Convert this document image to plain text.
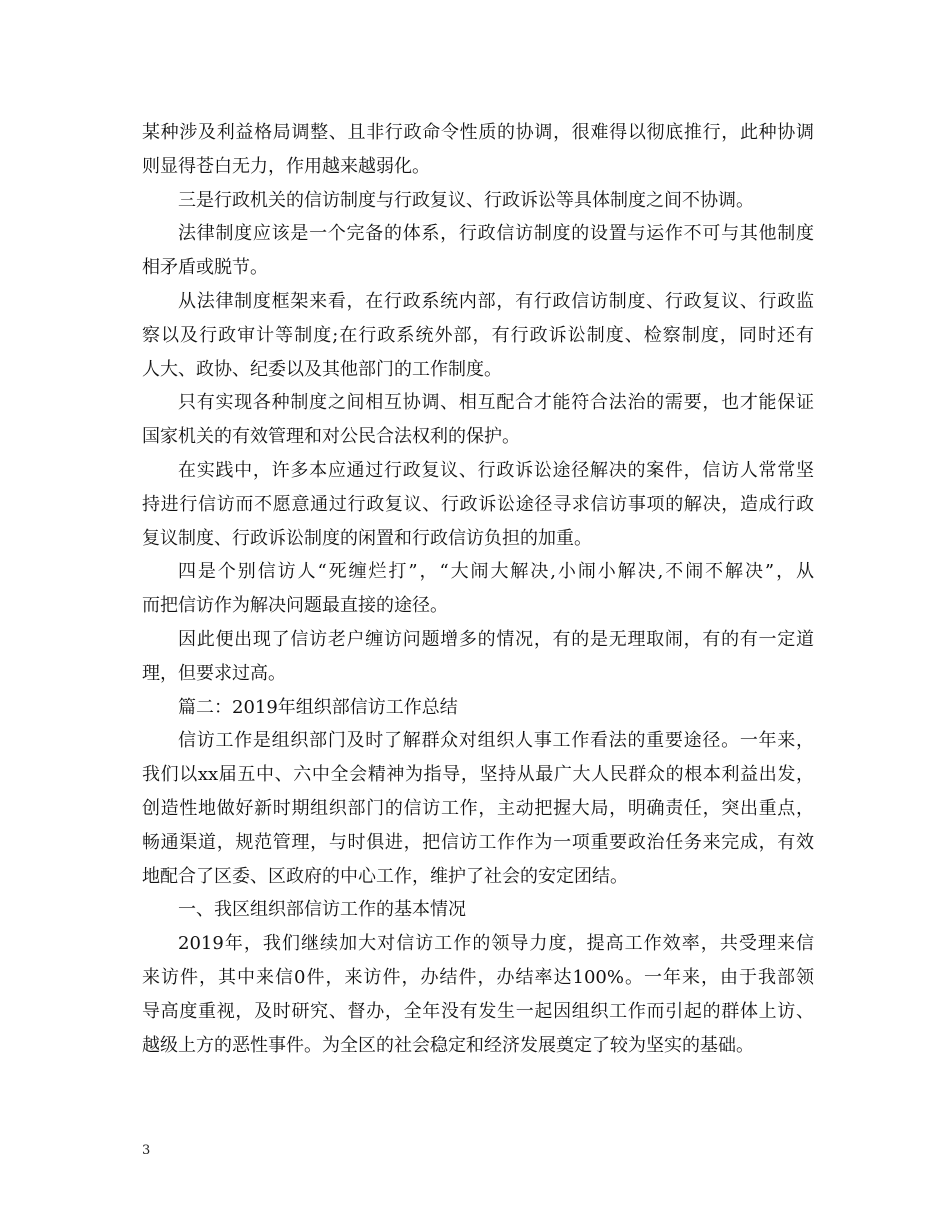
某种涉及利益格局调整、且非行政命令性质的协调，很难得以彻底推行，此种协调
则显得苍白无力，作用越来越弱化。
三是行政机关的信访制度与行政复议、行政诉讼等具体制度之间不协调。
法律制度应该是一个完备的体系，行政信访制度的设置与运作不可与其他制度
相矛盾或脱节。
从法律制度框架来看，在行政系统内部，有行政信访制度、行政复议、行政监
察以及行政审计等制度;在行政系统外部，有行政诉讼制度、检察制度，同时还有
人大、政协、纪委以及其他部门的工作制度。
只有实现各种制度之间相互协调、相互配合才能符合法治的需要，也才能保证
国家机关的有效管理和对公民合法权利的保护。
在实践中，许多本应通过行政复议、行政诉讼途径解决的案件，信访人常常坚
持进行信访而不愿意通过行政复议、行政诉讼途径寻求信访事项的解决，造成行政
复议制度、行政诉讼制度的闲置和行政信访负担的加重。
四是个别信访人“死缠烂打”，“大闹大解决,小闹小解决,不闹不解决”，从
而把信访作为解决问题最直接的途径。
因此便出现了信访老户缠访问题增多的情况，有的是无理取闹，有的有一定道
理，但要求过高。
篇二：2019年组织部信访工作总结
信访工作是组织部门及时了解群众对组织人事工作看法的重要途径。一年来，
我们以xx届五中、六中全会精神为指导，坚持从最广大人民群众的根本利益出发，
创造性地做好新时期组织部门的信访工作，主动把握大局，明确责任，突出重点，
畅通渠道，规范管理，与时俱进，把信访工作作为一项重要政治任务来完成，有效
地配合了区委、区政府的中心工作，维护了社会的安定团结。
一、我区组织部信访工作的基本情况
2019年，我们继续加大对信访工作的领导力度，提高工作效率，共受理来信
来访件，其中来信0件，来访件，办结件，办结率达100%。一年来，由于我部领
导高度重视，及时研究、督办，全年没有发生一起因组织工作而引起的群体上访、
越级上方的恶性事件。为全区的社会稳定和经济发展奠定了较为坚实的基础。
3
